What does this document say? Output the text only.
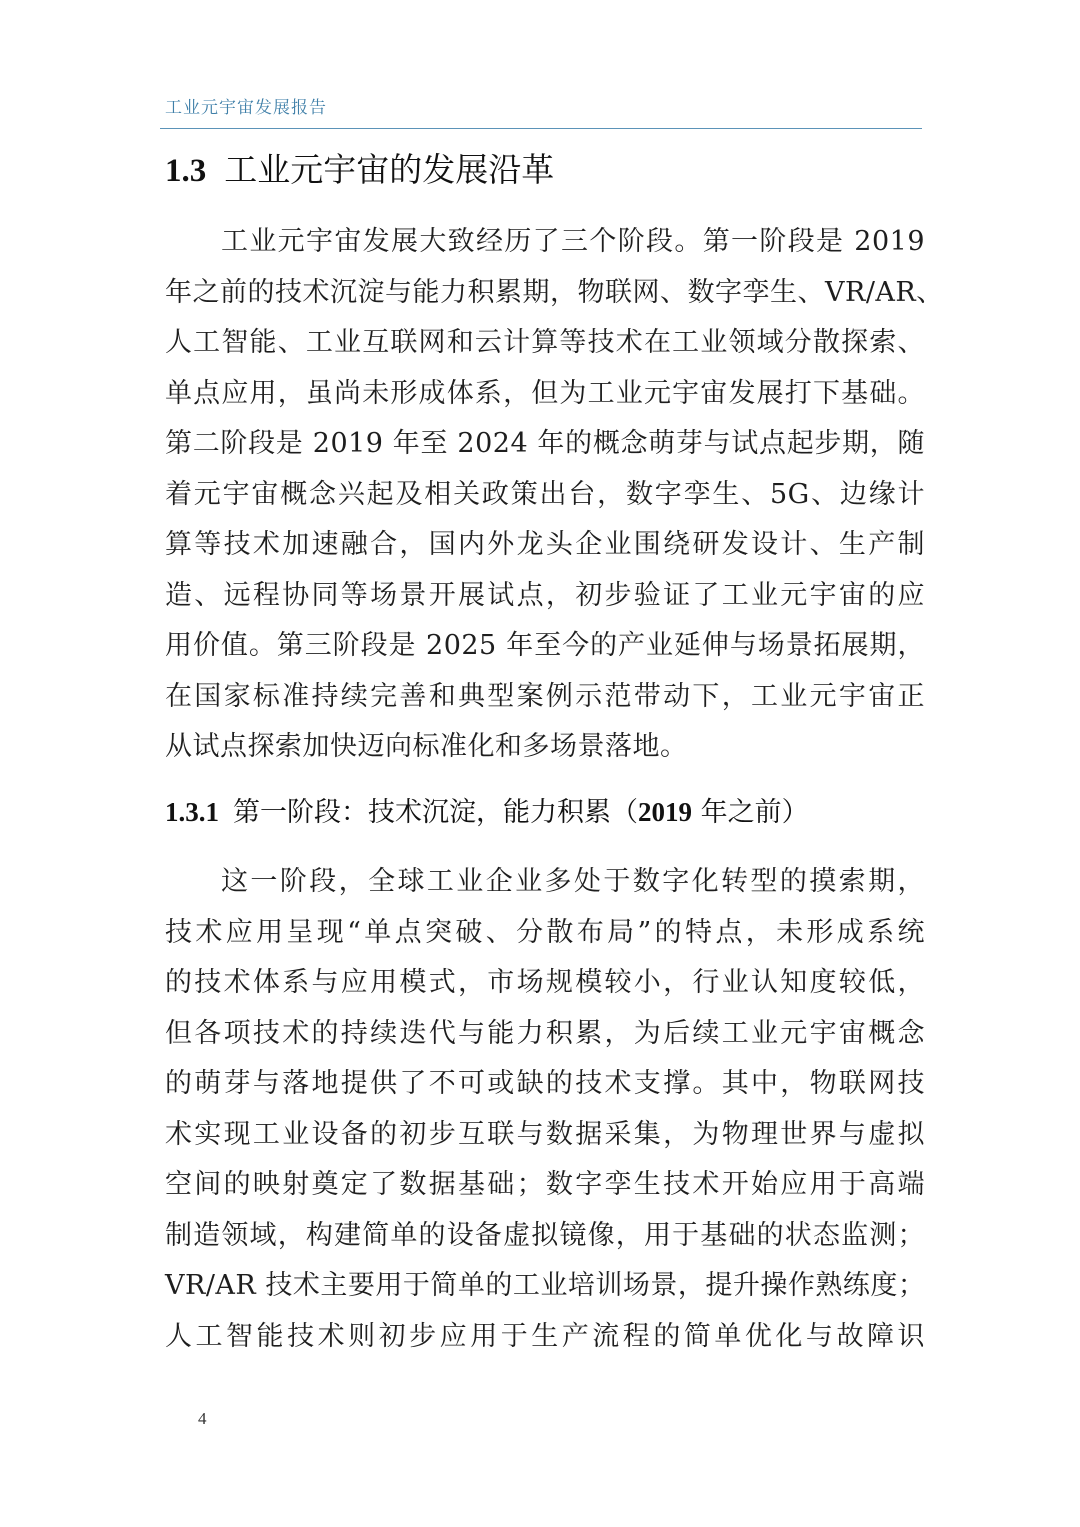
工业元宇宙发展报告
1.3 工业元宇宙的发展沿革
工业元宇宙发展大致经历了三个阶段。第一阶段是 2019
年之前的技术沉淀与能力积累期，物联网、数字孪生、VR/AR、
人工智能、工业互联网和云计算等技术在工业领域分散探索、
单点应用，虽尚未形成体系，但为工业元宇宙发展打下基础。
第二阶段是 2019 年至 2024 年的概念萌芽与试点起步期，随
着元宇宙概念兴起及相关政策出台，数字孪生、5G、边缘计
算等技术加速融合，国内外龙头企业围绕研发设计、生产制
造、远程协同等场景开展试点，初步验证了工业元宇宙的应
用价值。第三阶段是 2025 年至今的产业延伸与场景拓展期，
在国家标准持续完善和典型案例示范带动下，工业元宇宙正
从试点探索加快迈向标准化和多场景落地。
1.3.1 第一阶段：技术沉淀，能力积累（2019 年之前）
这一阶段，全球工业企业多处于数字化转型的摸索期，
技术应用呈现“单点突破、分散布局”的特点，未形成系统
的技术体系与应用模式，市场规模较小，行业认知度较低，
但各项技术的持续迭代与能力积累，为后续工业元宇宙概念
的萌芽与落地提供了不可或缺的技术支撑。其中，物联网技
术实现工业设备的初步互联与数据采集，为物理世界与虚拟
空间的映射奠定了数据基础；数字孪生技术开始应用于高端
制造领域，构建简单的设备虚拟镜像，用于基础的状态监测；
VR/AR 技术主要用于简单的工业培训场景，提升操作熟练度；
人工智能技术则初步应用于生产流程的简单优化与故障识
4
